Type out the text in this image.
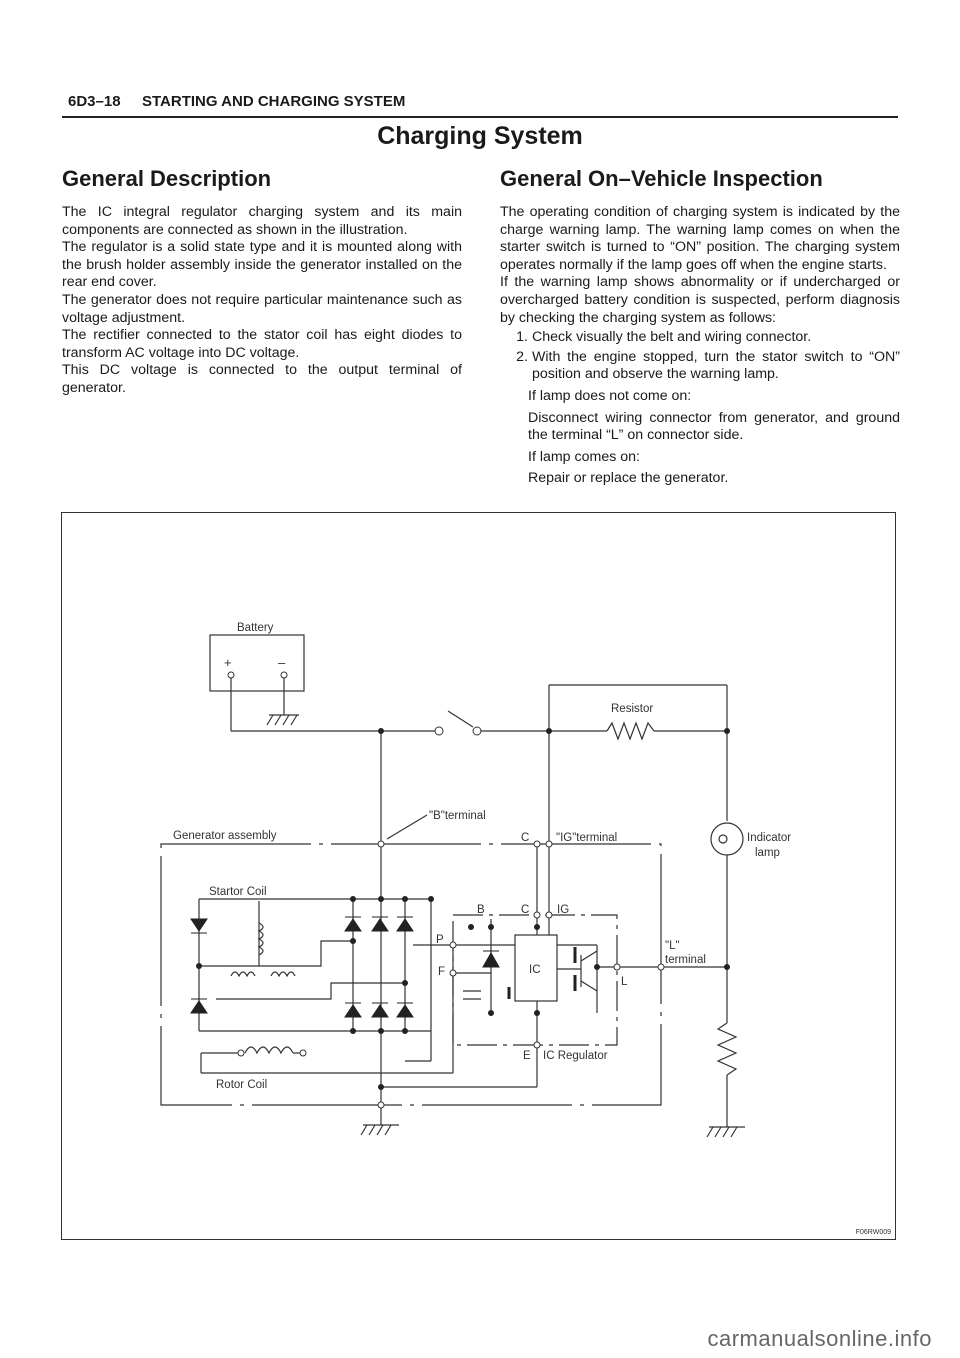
6D3–18 STARTING AND CHARGING SYSTEM
Charging System
General Description

The IC integral regulator charging system and its main components are connected as shown in the illustration.

The regulator is a solid state type and it is mounted along with the brush holder assembly inside the generator installed on the rear end cover.

The generator does not require particular maintenance such as voltage adjustment.

The rectifier connected to the stator coil has eight diodes to transform AC voltage into DC voltage.

This DC voltage is connected to the output terminal of generator.

General On–Vehicle Inspection

The operating condition of charging system is indicated by the charge warning lamp. The warning lamp comes on when the starter switch is turned to “ON” position. The charging system operates normally if the lamp goes off when the engine starts.

If the warning lamp shows abnormality or if undercharged or overcharged battery condition is suspected, perform diagnosis by checking the charging system as follows:

1. Check visually the belt and wiring connector.
2. With the engine stopped, turn the stator switch to “ON” position and observe the warning lamp.
If lamp does not come on:
Disconnect wiring connector from generator, and ground the terminal “L” on connector side.
If lamp comes on:
Repair or replace the generator.
Battery
+	–
Resistor
"B"terminal
Generator assembly	C "IG"terminal	Indicator
lamp
Startor Coil
B	C IG
P
F	IC
L
"L"
terminal
E IC Regulator
Rotor Coil
F06RW009
carmanualsonline.info
